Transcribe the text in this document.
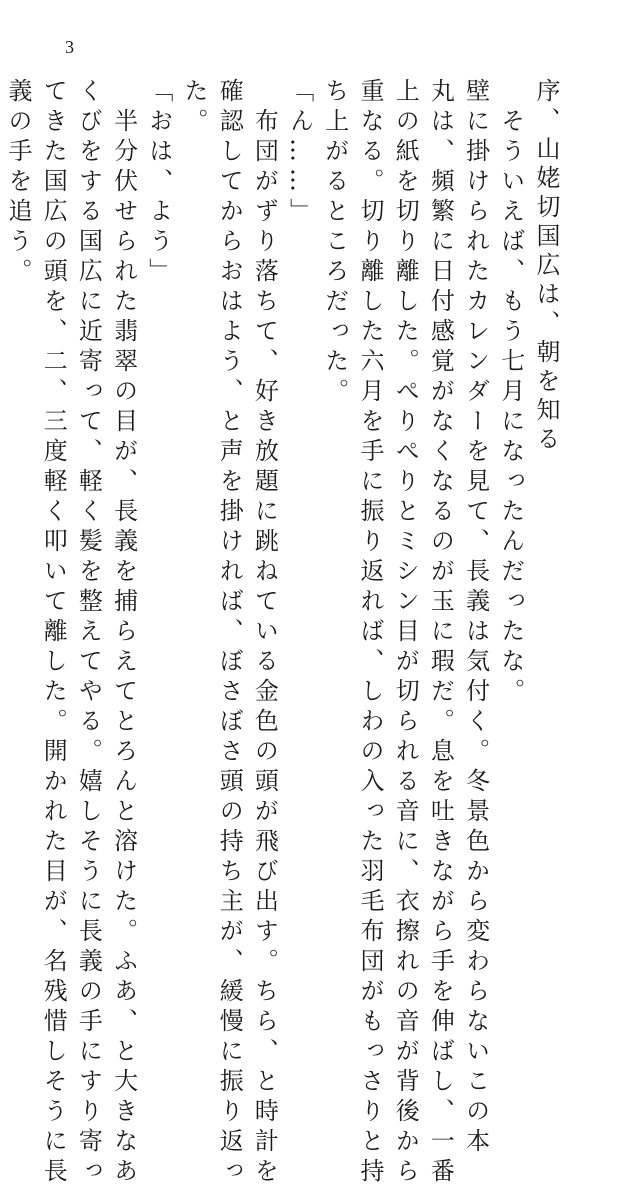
3
序、山姥切国広は、朝を知る
そういえば、もう七月になったんだったな。
壁に掛けられたカレンダーを見て、長義は気付く。冬景色から変わらないこの本
丸は、頻繁に日付感覚がなくなるのが玉に瑕だ。息を吐きながら手を伸ばし、一番
上の紙を切り離した。ぺりぺりとミシン目が切られる音に、衣擦れの音が背後から
重なる。切り離した六月を手に振り返れば、しわの入った羽毛布団がもっさりと持
ち上がるところだった。
「ん……」
布団がずり落ちて、好き放題に跳ねている金色の頭が飛び出す。ちら、と時計を
確認してからおはよう、と声を掛ければ、ぼさぼさ頭の持ち主が、緩慢に振り返っ
た。
「おは、よう」
半分伏せられた翡翠の目が、長義を捕らえてとろんと溶けた。ふあ、と大きなあ
くびをする国広に近寄って、軽く髪を整えてやる。嬉しそうに長義の手にすり寄っ
てきた国広の頭を、二、三度軽く叩いて離した。開かれた目が、名残惜しそうに長
義の手を追う。
